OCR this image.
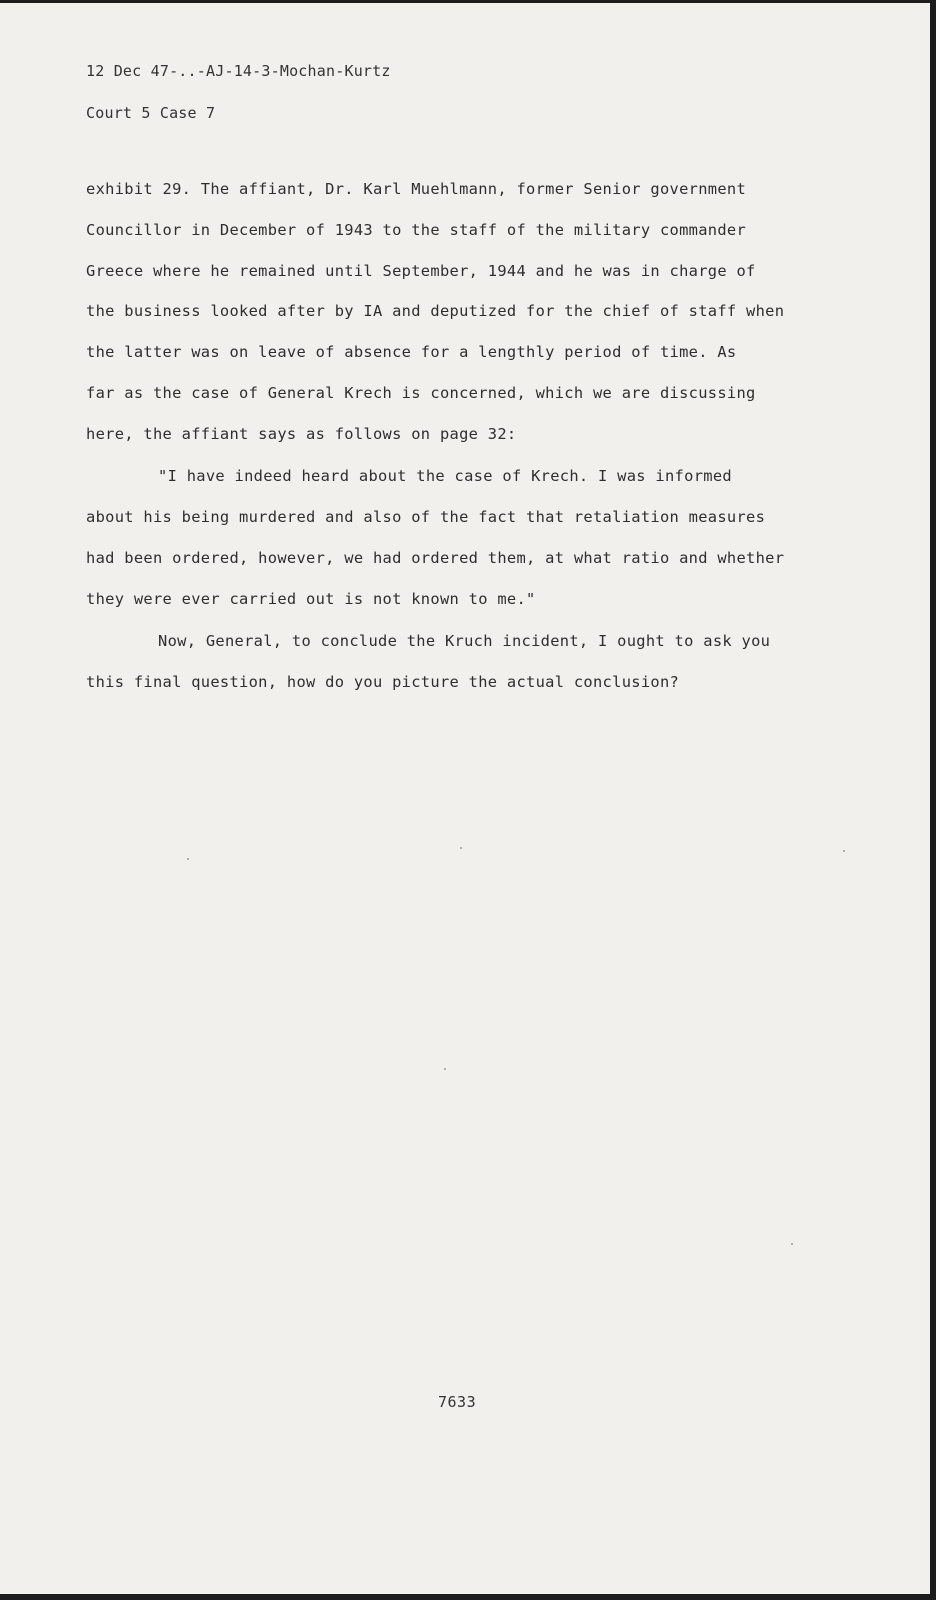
12 Dec 47-..-AJ-14-3-Mochan-Kurtz
Court 5 Case 7
exhibit 29. The affiant, Dr. Karl Muehlmann, former Senior government
Councillor in December of 1943 to the staff of the military commander
Greece where he remained until September, 1944 and he was in charge of
the business looked after by IA and deputized for the chief of staff when
the latter was on leave of absence for a lengthly period of time. As
far as the case of General Krech is concerned, which we are discussing
here, the affiant says as follows on page 32:
"I have indeed heard about the case of Krech. I was informed
about his being murdered and also of the fact that retaliation measures
had been ordered, however, we had ordered them, at what ratio and whether
they were ever carried out is not known to me."
Now, General, to conclude the Kruch incident, I ought to ask you
this final question, how do you picture the actual conclusion?
7633
